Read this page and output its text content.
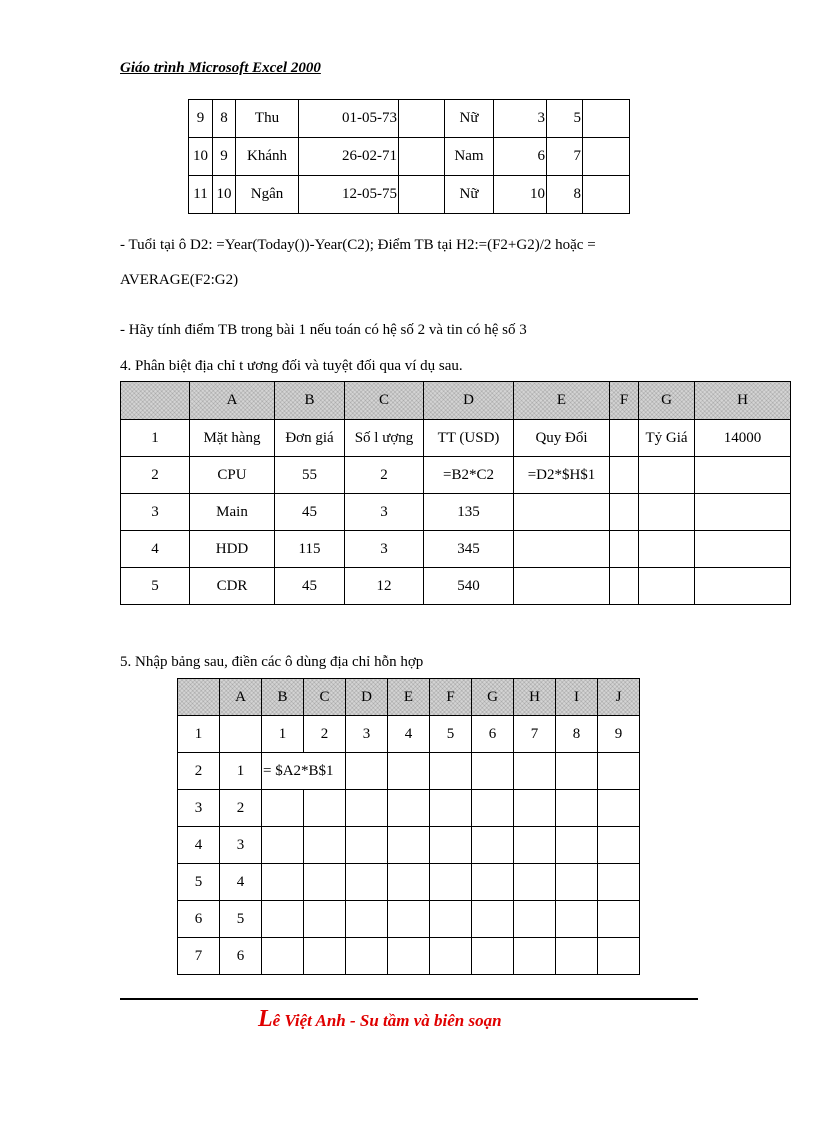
Giáo trình Microsoft Excel 2000
9	8	Thu	01-05-73		Nữ	3	5	
10	9	Khánh	26-02-71		Nam	6	7	
11	10	Ngân	12-05-75		Nữ	10	8	
- Tuổi tại ô D2: =Year(Today())-Year(C2); Điểm TB tại H2:=(F2+G2)/2 hoặc =
AVERAGE(F2:G2)
- Hãy tính điểm TB trong bài 1 nếu toán có hệ số 2 và tin có hệ số 3
4. Phân biệt địa chỉ t ương đối và tuyệt đối qua ví dụ sau.
	A	B	C	D	E	F	G	H
1	Mặt hàng	Đơn giá	Số l ượng	TT (USD)	Quy Đổi		Tỷ Giá	14000
2	CPU	55	2	=B2*C2	=D2*$H$1			
3	Main	45	3	135				
4	HDD	115	3	345				
5	CDR	45	12	540				
5. Nhập bảng sau, điền các ô dùng địa chỉ hỗn hợp
	A	B	C	D	E	F	G	H	I	J
1		1	2	3	4	5	6	7	8	9
2	1	= $A2*B$1								
3	2									
4	3									
5	4									
6	5									
7	6									
Lê Việt Anh - Su tầm và biên soạn
